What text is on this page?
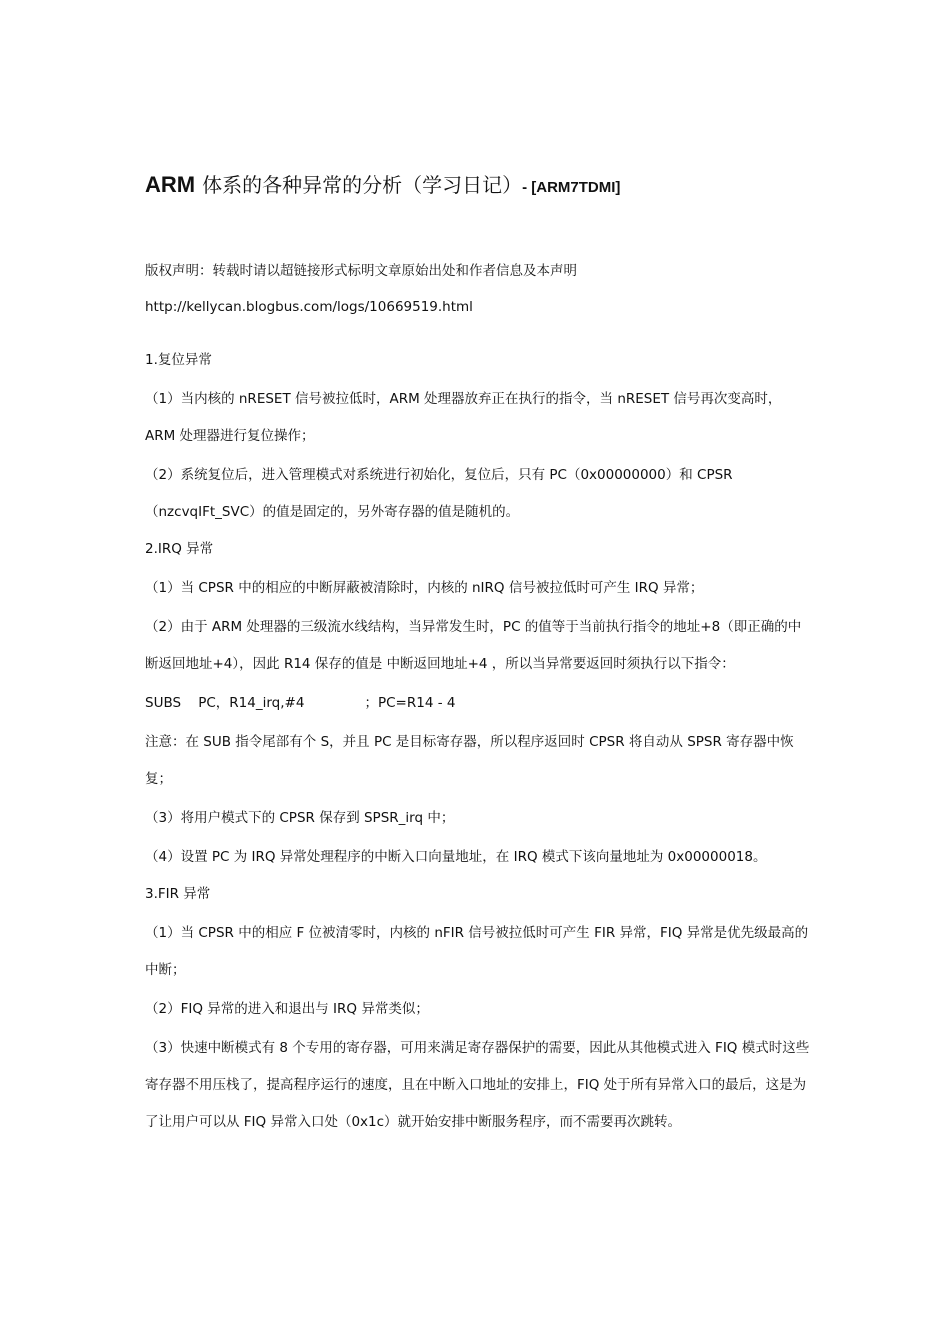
ARM 体系的各种异常的分析（学习日记）- [ARM7TDMI]

版权声明：转载时请以超链接形式标明文章原始出处和作者信息及本声明

http://kellycan.blogbus.com/logs/10669519.html

1.复位异常

（1）当内核的 nRESET 信号被拉低时，ARM 处理器放弃正在执行的指令，当 nRESET 信号再次变高时，ARM 处理器进行复位操作；

（2）系统复位后，进入管理模式对系统进行初始化，复位后，只有 PC（0x00000000）和 CPSR（nzcvqIFt_SVC）的值是固定的，另外寄存器的值是随机的。

2.IRQ 异常

（1）当 CPSR 中的相应的中断屏蔽被清除时，内核的 nIRQ 信号被拉低时可产生 IRQ 异常；

（2）由于 ARM 处理器的三级流水线结构，当异常发生时，PC 的值等于当前执行指令的地址+8（即正确的中断返回地址+4），因此 R14 保存的值是 中断返回地址+4 ，所以当异常要返回时须执行以下指令：

SUBS    PC，R14_irq,#4              ；PC=R14 - 4

注意：在 SUB 指令尾部有个 S，并且 PC 是目标寄存器，所以程序返回时 CPSR 将自动从 SPSR 寄存器中恢复；

（3）将用户模式下的 CPSR 保存到 SPSR_irq 中；

（4）设置 PC 为 IRQ 异常处理程序的中断入口向量地址，在 IRQ 模式下该向量地址为 0x00000018。

3.FIR 异常

（1）当 CPSR 中的相应 F 位被清零时，内核的 nFIR 信号被拉低时可产生 FIR 异常，FIQ 异常是优先级最高的中断；

（2）FIQ 异常的进入和退出与 IRQ 异常类似；

（3）快速中断模式有 8 个专用的寄存器，可用来满足寄存器保护的需要，因此从其他模式进入 FIQ 模式时这些寄存器不用压栈了，提高程序运行的速度，且在中断入口地址的安排上，FIQ 处于所有异常入口的最后，这是为了让用户可以从 FIQ 异常入口处（0x1c）就开始安排中断服务程序，而不需要再次跳转。
